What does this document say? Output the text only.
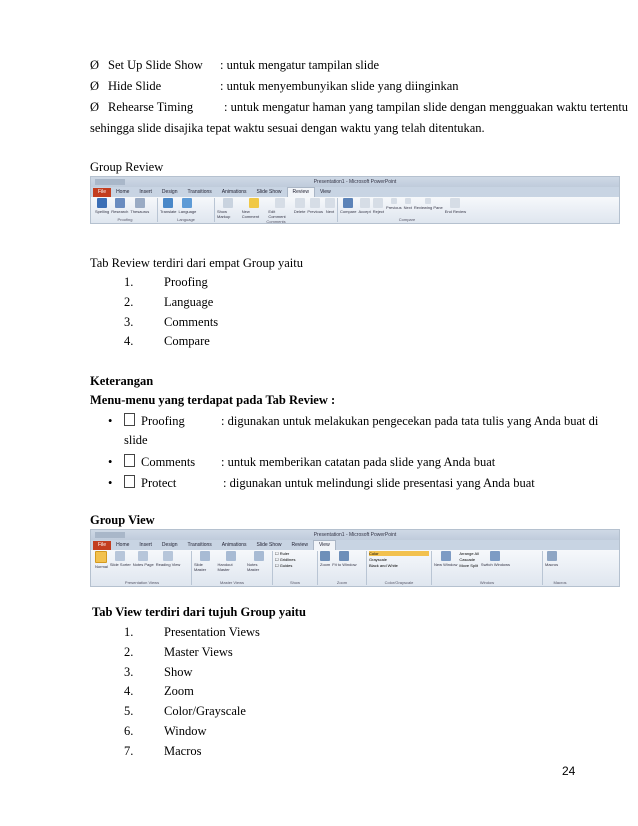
Ø Set Up Slide Show : untuk mengatur tampilan slide
Ø Hide Slide	: untuk menyembunyikan slide yang diinginkan
Ø Rehearse Timing : untuk mengatur haman yang tampilan slide dengan mengguakan waktu tertentu
sehingga slide disajika tepat waktu sesuai dengan waktu yang telah ditentukan.
Group Review
Presentation1 - Microsoft PowerPoint
File	Home	Insert	Design	Transitions	Animations	Slide Show	Review	View
Spelling Research Thesaurus
Proofing
Translate Language
Language
Show Markup
New Comment
Edit Comment
Delete Previous Next
Comments
Compare Accept Reject
Previous Next Reviewing Pane
End Review
Compare
Tab Review terdiri dari empat Group yaitu
1. Proofing
2. Language
3. Comments
4. Compare
Keterangan
Menu-menu yang terdapat pada Tab Review :
• Proofing	: digunakan untuk melakukan pengecekan pada tata tulis yang Anda buat di
slide
• Comments : untuk memberikan catatan pada slide yang Anda buat
• Protect	: digunakan untuk melindungi slide presentasi yang Anda buat
Group View
Presentation1 - Microsoft PowerPoint
File	Home	Insert	Design	Transitions	Animations	Slide Show	Review	View
Normal Slide Sorter Notes Page Reading View
Presentation Views
Slide Master
Handout Master
Notes Master
Master Views
☐ Ruler
☐ Gridlines
☐ Guides
Show
Zoom Fit to Window
Zoom
Color
Grayscale
Black and White
Color/Grayscale
New Window
Arrange All
Cascade
Move Split Switch Windows
Window
Macros
Macros
Tab View terdiri dari tujuh Group yaitu
1. Presentation Views
2. Master Views
3. Show
4. Zoom
5. Color/Grayscale
6. Window
7. Macros
24
